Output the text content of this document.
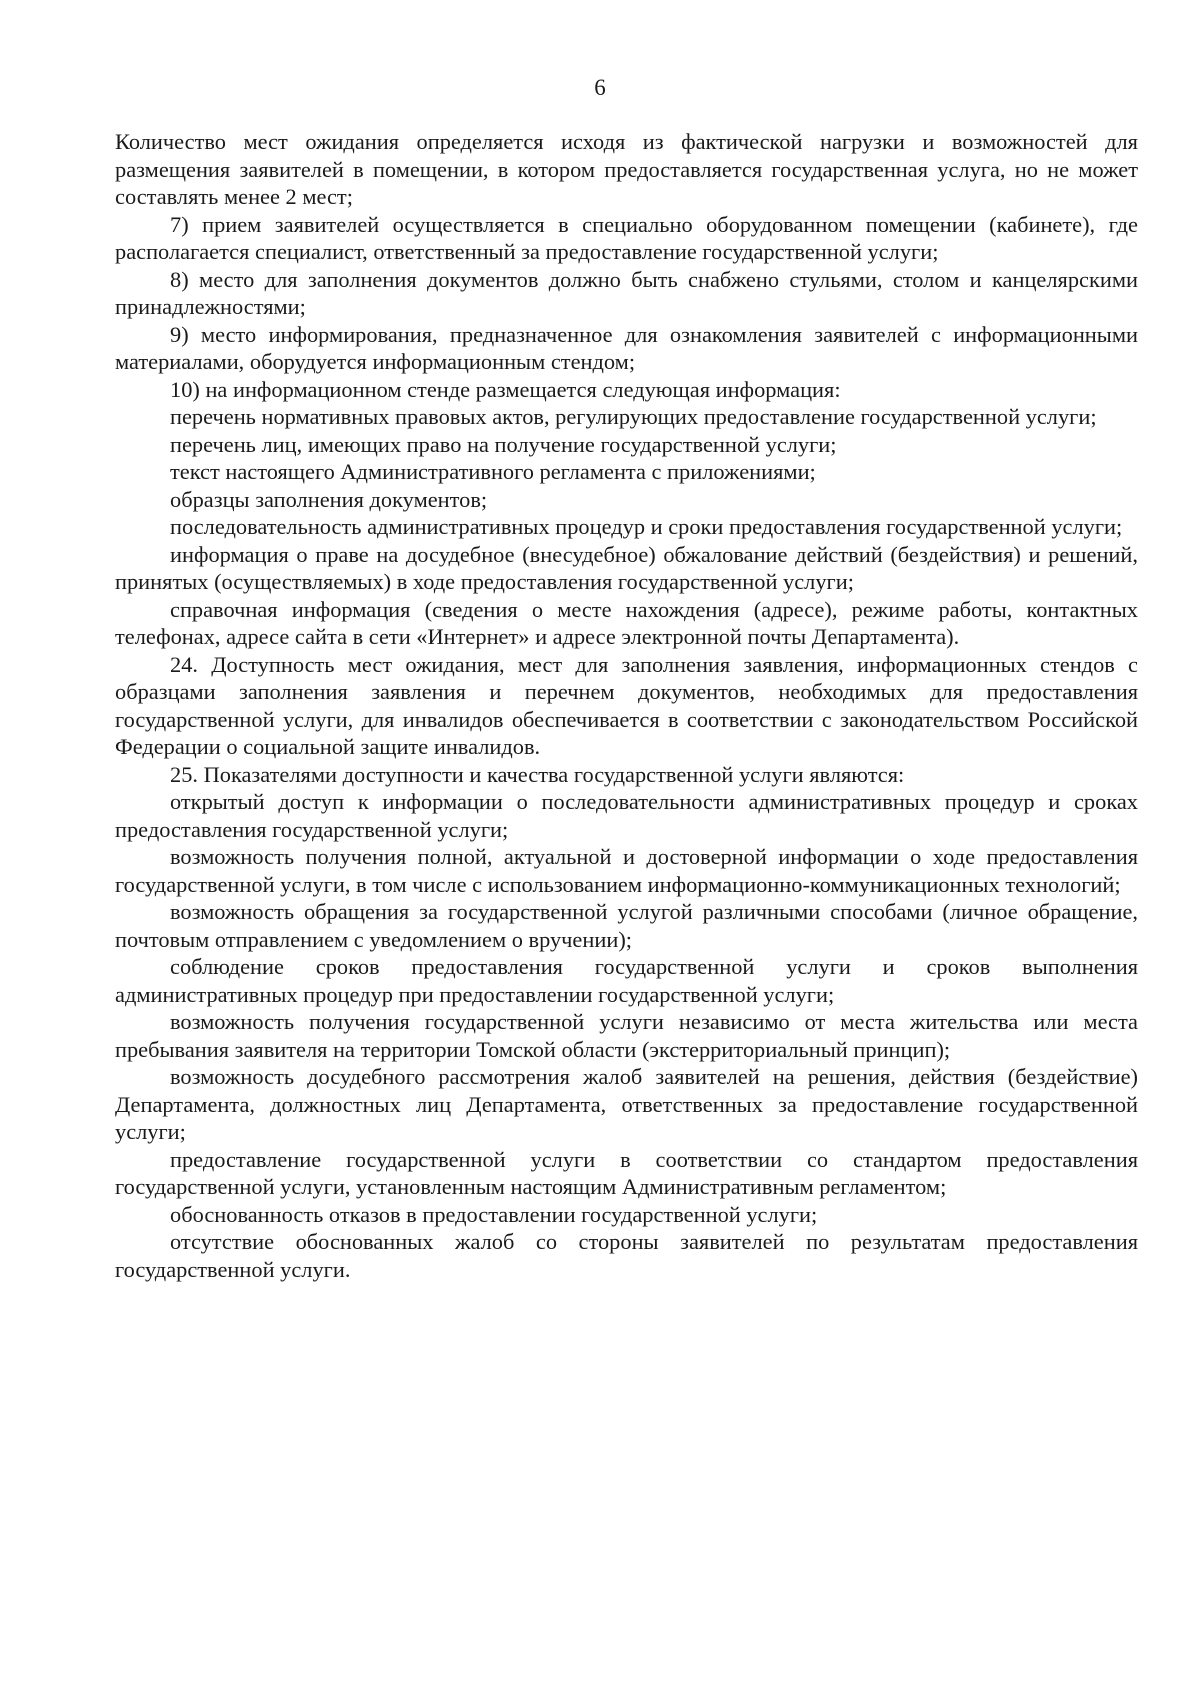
6

Количество мест ожидания определяется исходя из фактической нагрузки и возможностей для размещения заявителей в помещении, в котором предоставляется государственная услуга, но не может составлять менее 2 мест;

7) прием заявителей осуществляется в специально оборудованном помещении (кабинете), где располагается специалист, ответственный за предоставление государственной услуги;

8) место для заполнения документов должно быть снабжено стульями, столом и канцелярскими принадлежностями;

9) место информирования, предназначенное для ознакомления заявителей с информационными материалами, оборудуется информационным стендом;

10) на информационном стенде размещается следующая информация:

перечень нормативных правовых актов, регулирующих предоставление государственной услуги;

перечень лиц, имеющих право на получение государственной услуги;

текст настоящего Административного регламента с приложениями;

образцы заполнения документов;

последовательность административных процедур и сроки предоставления государственной услуги;

информация о праве на досудебное (внесудебное) обжалование действий (бездействия) и решений, принятых (осуществляемых) в ходе предоставления государственной услуги;

справочная информация (сведения о месте нахождения (адресе), режиме работы, контактных телефонах, адресе сайта в сети «Интернет» и адресе электронной почты Департамента).

24. Доступность мест ожидания, мест для заполнения заявления, информационных стендов с образцами заполнения заявления и перечнем документов, необходимых для предоставления государственной услуги, для инвалидов обеспечивается в соответствии с законодательством Российской Федерации о социальной защите инвалидов.

25. Показателями доступности и качества государственной услуги являются:

открытый доступ к информации о последовательности административных процедур и сроках предоставления государственной услуги;

возможность получения полной, актуальной и достоверной информации о ходе предоставления государственной услуги, в том числе с использованием информационно-коммуникационных технологий;

возможность обращения за государственной услугой различными способами (личное обращение, почтовым отправлением с уведомлением о вручении);

соблюдение сроков предоставления государственной услуги и сроков выполнения административных процедур при предоставлении государственной услуги;

возможность получения государственной услуги независимо от места жительства или места пребывания заявителя на территории Томской области (экстерриториальный принцип);

возможность досудебного рассмотрения жалоб заявителей на решения, действия (бездействие) Департамента, должностных лиц Департамента, ответственных за предоставление государственной услуги;

предоставление государственной услуги в соответствии со стандартом предоставления государственной услуги, установленным настоящим Административным регламентом;

обоснованность отказов в предоставлении государственной услуги;

отсутствие обоснованных жалоб со стороны заявителей по результатам предоставления государственной услуги.
